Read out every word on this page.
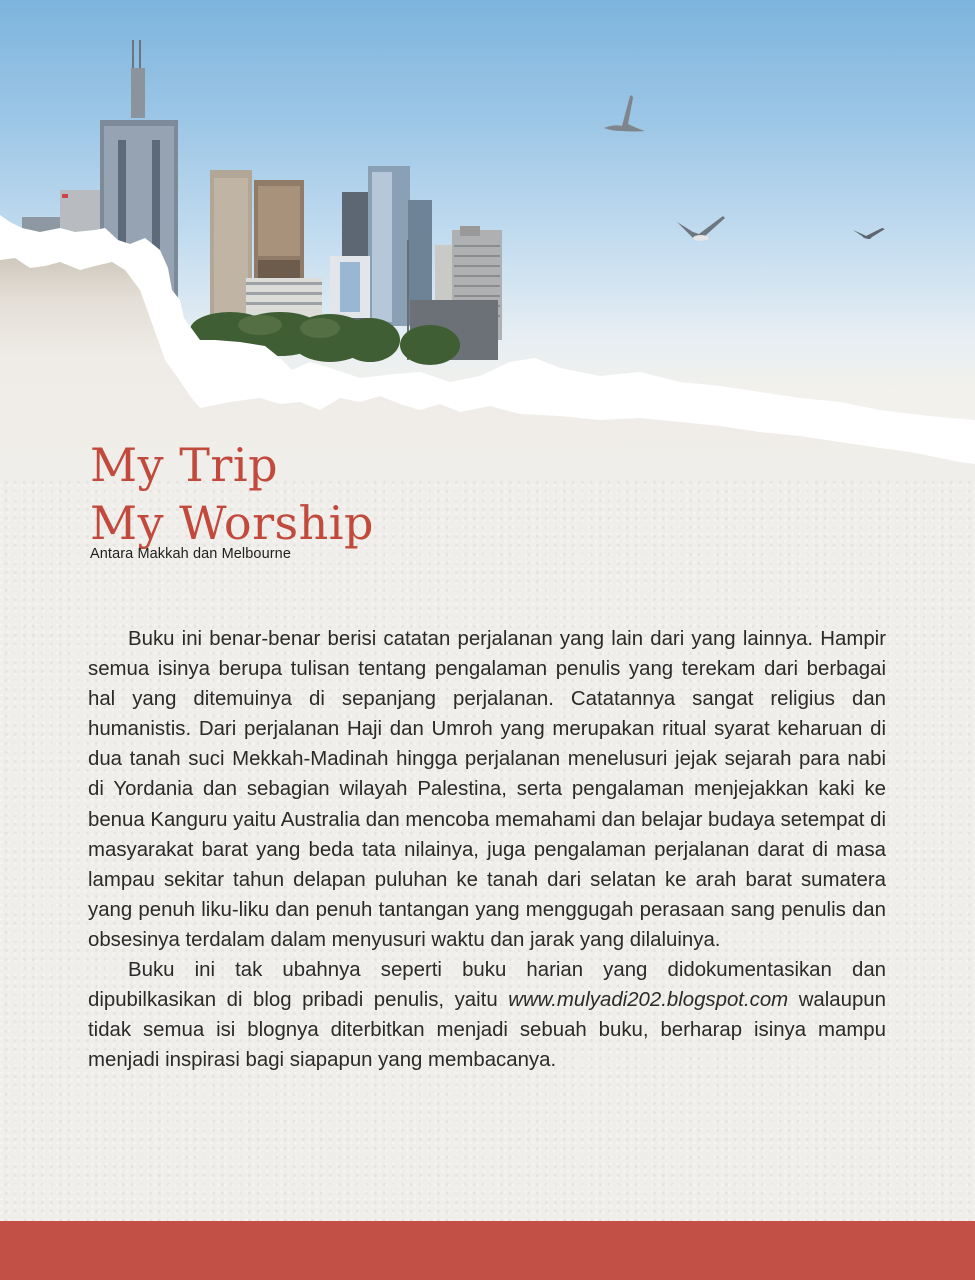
My Trip
My Worship
Antara Makkah dan Melbourne

Buku ini benar-benar berisi catatan perjalanan yang lain dari yang lainnya. Hampir semua isinya berupa tulisan tentang pengalaman penulis yang terekam dari berbagai hal yang ditemuinya di sepanjang perjalanan. Catatannya sangat religius dan humanistis. Dari perjalanan Haji dan Umroh yang merupakan ritual syarat keharuan di dua tanah suci Mekkah-Madinah hingga perjalanan menelusuri jejak sejarah para nabi di Yordania dan sebagian wilayah Palestina, serta pengalaman menjejakkan kaki ke benua Kanguru yaitu Australia dan mencoba memahami dan belajar budaya setempat di masyarakat barat yang beda tata nilainya, juga pengalaman perjalanan darat di masa lampau sekitar tahun delapan puluhan ke tanah dari selatan ke arah barat sumatera yang penuh liku-liku dan penuh tantangan yang menggugah perasaan sang penulis dan obsesinya terdalam dalam menyusuri waktu dan jarak yang dilaluinya.

Buku ini tak ubahnya seperti buku harian yang didokumentasikan dan dipubilkasikan di blog pribadi penulis, yaitu www.mulyadi202.blogspot.com walaupun tidak semua isi blognya diterbitkan menjadi sebuah buku, berharap isinya mampu menjadi inspirasi bagi siapapun yang membacanya.
